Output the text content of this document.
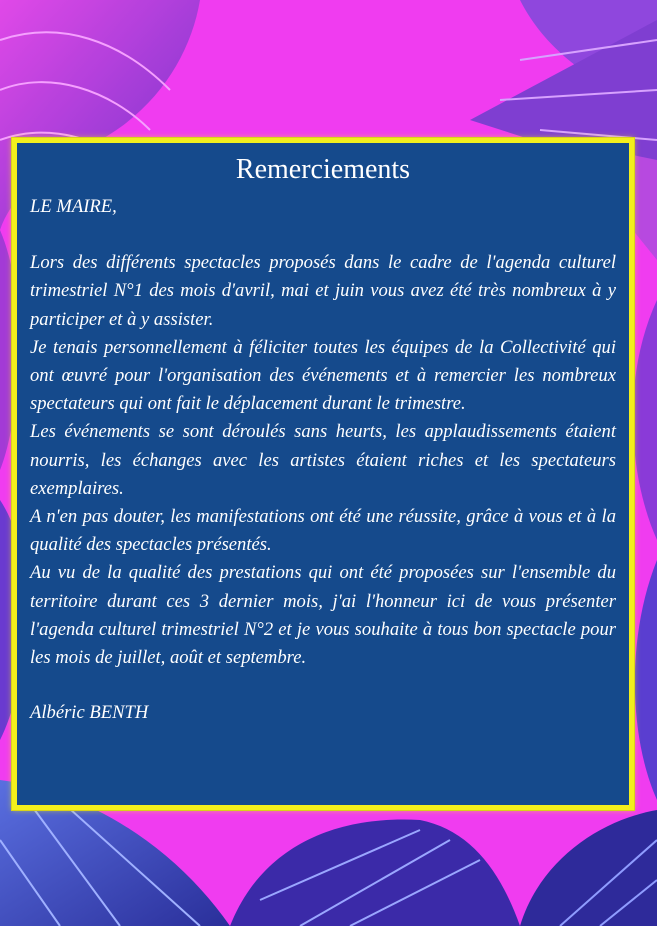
Remerciements

LE MAIRE,

Lors des différents spectacles proposés dans le cadre de l'agenda culturel trimestriel N°1 des mois d'avril, mai et juin vous avez été très nombreux à y participer et à y assister.

Je tenais personnellement à féliciter toutes les équipes de la Collectivité qui ont œuvré pour l'organisation des événements et à remercier les nombreux spectateurs qui ont fait le déplacement durant le trimestre.

Les événements se sont déroulés sans heurts, les applaudissements étaient nourris, les échanges avec les artistes étaient riches et les spectateurs exemplaires.

A n'en pas douter, les manifestations ont été une réussite, grâce à vous et à la qualité des spectacles présentés.

Au vu de la qualité des prestations qui ont été proposées sur l'ensemble du territoire durant ces 3 dernier mois, j'ai l'honneur ici de vous présenter l'agenda culturel trimestriel N°2 et je vous souhaite à tous bon spectacle pour les mois de juillet, août et septembre.

Albéric BENTH
